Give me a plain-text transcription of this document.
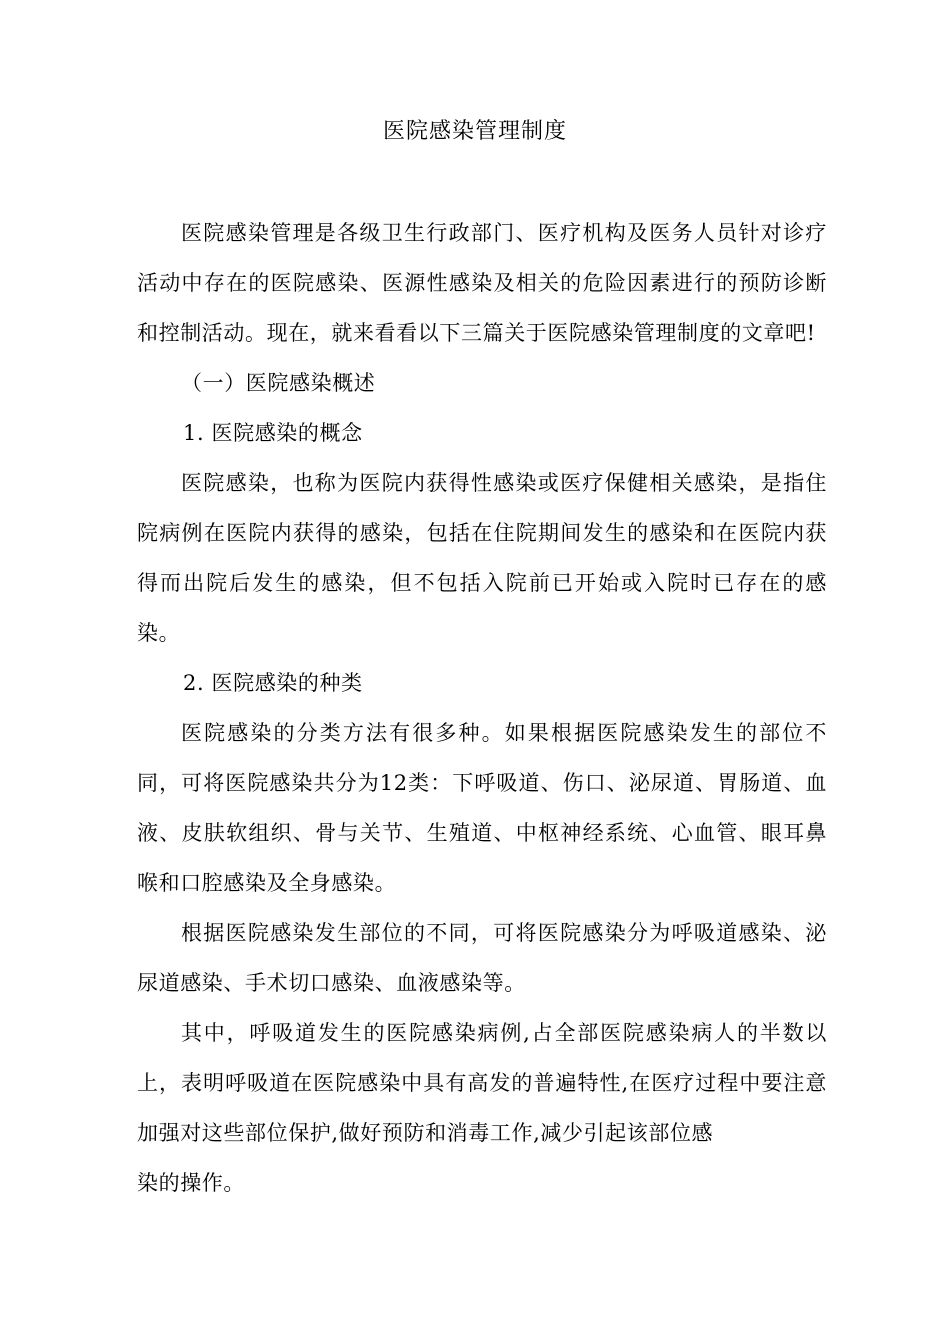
医院感染管理制度

医院感染管理是各级卫生行政部门、医疗机构及医务人员针对诊疗活动中存在的医院感染、医源性感染及相关的危险因素进行的预防诊断和控制活动。现在，就来看看以下三篇关于医院感染管理制度的文章吧!

（一）医院感染概述

1. 医院感染的概念

医院感染，也称为医院内获得性感染或医疗保健相关感染，是指住院病例在医院内获得的感染，包括在住院期间发生的感染和在医院内获得而出院后发生的感染，但不包括入院前已开始或入院时已存在的感染。

2. 医院感染的种类

医院感染的分类方法有很多种。如果根据医院感染发生的部位不同，可将医院感染共分为12类：下呼吸道、伤口、泌尿道、胃肠道、血液、皮肤软组织、骨与关节、生殖道、中枢神经系统、心血管、眼耳鼻喉和口腔感染及全身感染。

根据医院感染发生部位的不同，可将医院感染分为呼吸道感染、泌尿道感染、手术切口感染、血液感染等。

其中，呼吸道发生的医院感染病例,占全部医院感染病人的半数以上，表明呼吸道在医院感染中具有高发的普遍特性,在医疗过程中要注意加强对这些部位保护,做好预防和消毒工作,减少引起该部位感
染的操作。
